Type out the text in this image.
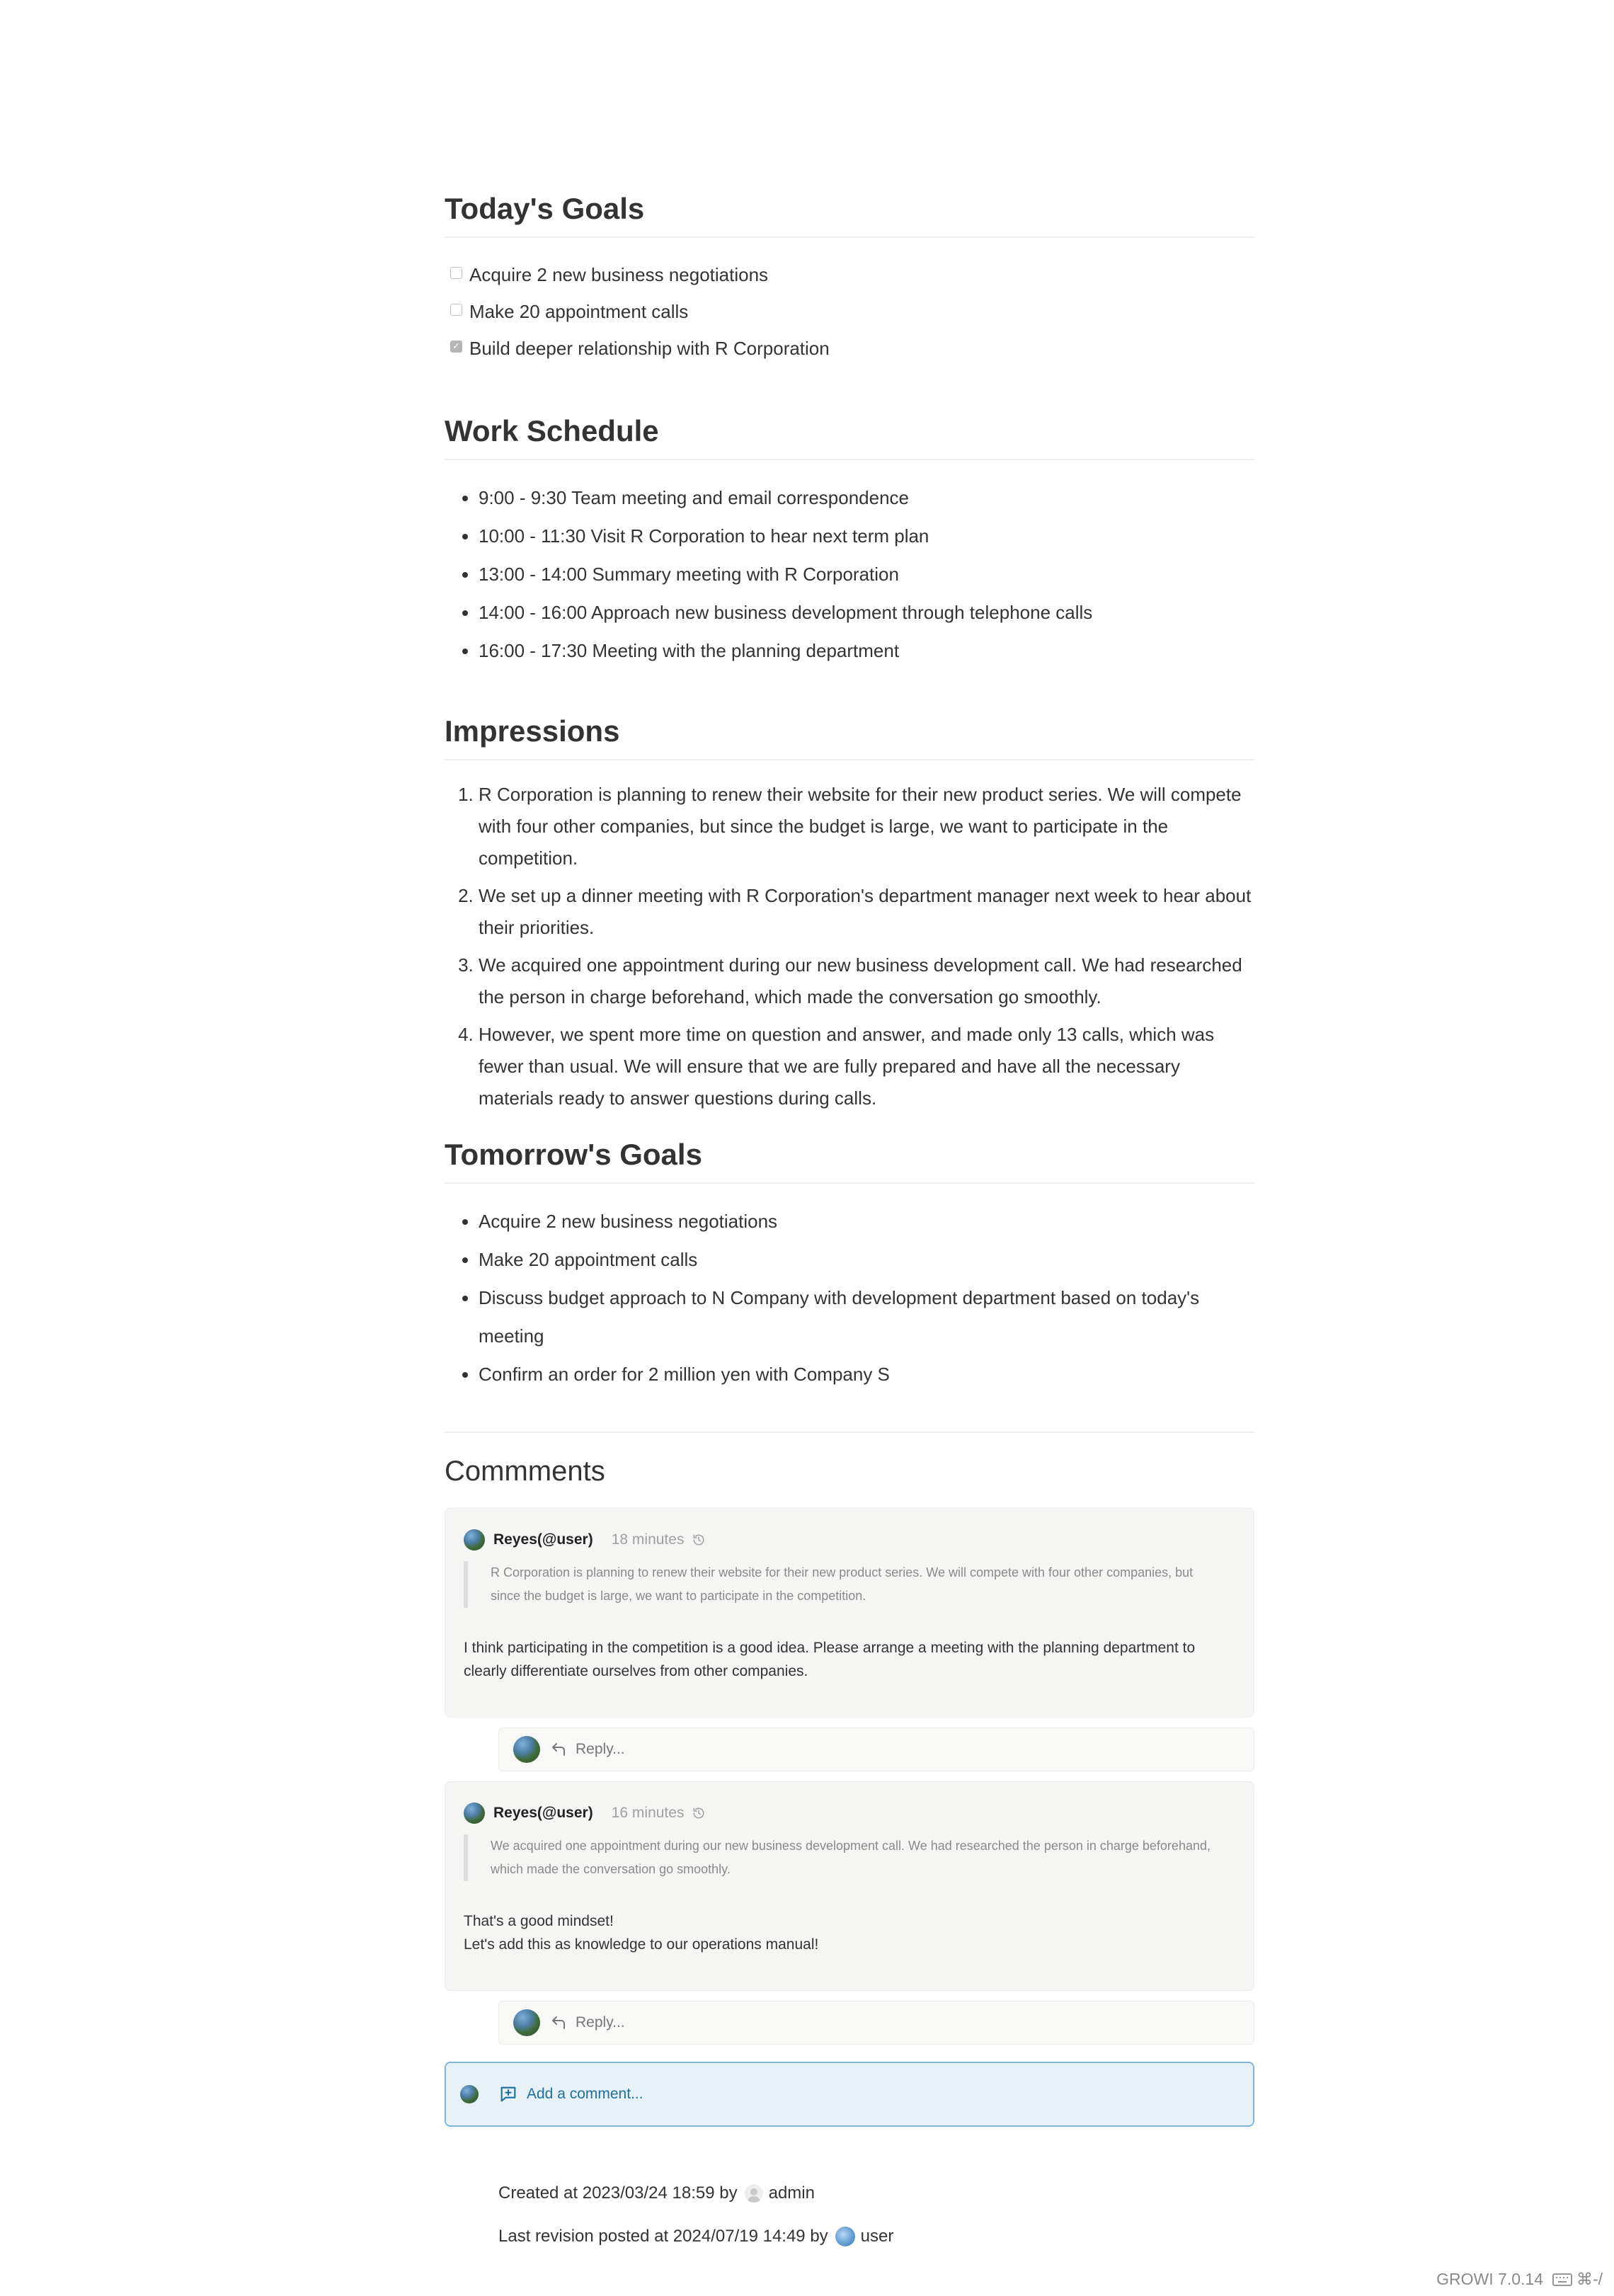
Today's Goals
Acquire 2 new business negotiations
Make 20 appointment calls
✓ Build deeper relationship with R Corporation
Work Schedule
• 9:00 - 9:30 Team meeting and email correspondence
• 10:00 - 11:30 Visit R Corporation to hear next term plan
• 13:00 - 14:00 Summary meeting with R Corporation
• 14:00 - 16:00 Approach new business development through telephone calls
• 16:00 - 17:30 Meeting with the planning department
Impressions
1. R Corporation is planning to renew their website for their new product series. We will compete with four other companies, but since the budget is large, we want to participate in the competition.
2. We set up a dinner meeting with R Corporation's department manager next week to hear about their priorities.
3. We acquired one appointment during our new business development call. We had researched the person in charge beforehand, which made the conversation go smoothly.
4. However, we spent more time on question and answer, and made only 13 calls, which was fewer than usual. We will ensure that we are fully prepared and have all the necessary materials ready to answer questions during calls.
Tomorrow's Goals
• Acquire 2 new business negotiations
• Make 20 appointment calls
• Discuss budget approach to N Company with development department based on today's meeting
• Confirm an order for 2 million yen with Company S
Commments
Reyes(@user) 18 minutes
R Corporation is planning to renew their website for their new product series. We will compete with four other companies, but since the budget is large, we want to participate in the competition.
I think participating in the competition is a good idea. Please arrange a meeting with the planning department to clearly differentiate ourselves from other companies.
Reply...
Reyes(@user) 16 minutes
We acquired one appointment during our new business development call. We had researched the person in charge beforehand, which made the conversation go smoothly.
That's a good mindset!
Let's add this as knowledge to our operations manual!
Reply...
Add a comment...
Created at 2023/03/24 18:59 by admin
Last revision posted at 2024/07/19 14:49 by user
GROWI 7.0.14 ⌘-/
